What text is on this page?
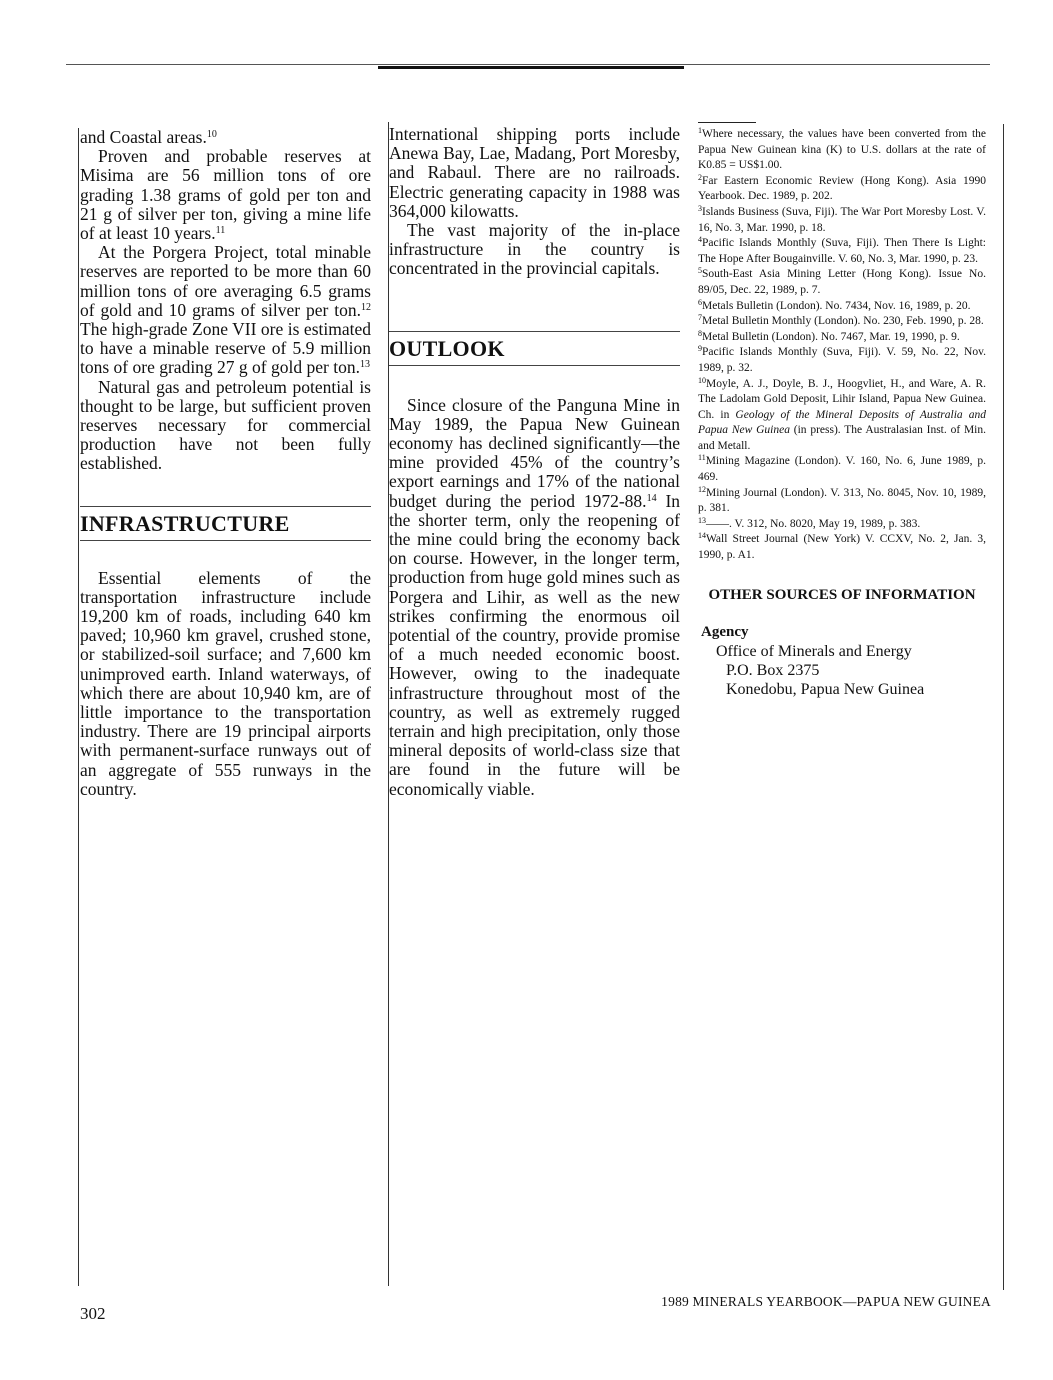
and Coastal areas.$^{10}$

Proven and probable reserves at Misima are 56 million tons of ore grading 1.38 grams of gold per ton and 21 g of silver per ton, giving a mine life of at least 10 years.$^{11}$

At the Porgera Project, total minable reserves are reported to be more than 60 million tons of ore averaging 6.5 grams of gold and 10 grams of silver per ton.$^{12}$ The high-grade Zone VII ore is estimated to have a minable reserve of 5.9 million tons of ore grading 27 g of gold per ton.$^{13}$

Natural gas and petroleum potential is thought to be large, but sufficient proven reserves necessary for commercial production have not been fully established.

INFRASTRUCTURE

Essential elements of the transportation infrastructure include 19,200 km of roads, including 640 km paved; 10,960 km gravel, crushed stone, or stabilized-soil surface; and 7,600 km unimproved earth. Inland waterways, of which there are about 10,940 km, are of little importance to the transportation industry. There are 19 principal airports with permanent-surface runways out of an aggregate of 555 runways in the country.

International shipping ports include Anewa Bay, Lae, Madang, Port Moresby, and Rabaul. There are no railroads. Electric generating capacity in 1988 was 364,000 kilowatts.

The vast majority of the in-place infrastructure in the country is concentrated in the provincial capitals.

OUTLOOK

Since closure of the Panguna Mine in May 1989, the Papua New Guinean economy has declined significantly—the mine provided 45% of the country’s export earnings and 17% of the national budget during the period 1972-88.14 In the shorter term, only the reopening of the mine could bring the economy back on course. However, in the longer term, production from huge gold mines such as Porgera and Lihir, as well as the new strikes confirming the enormous oil potential of the country, provide promise of a much needed economic boost. However, owing to the inadequate infrastructure throughout most of the country, as well as extremely rugged terrain and high precipitation, only those mineral deposits of world-class size that are found in the future will be economically viable.

$^1$Where necessary, the values have been converted from the Papua New Guinean kina (K) to U.S. dollars at the rate of K0.85 = US$1.00.

$^2$Far Eastern Economic Review (Hong Kong). Asia 1990 Yearbook. Dec. 1989, p. 202.

$^3$Islands Business (Suva, Fiji). The War Port Moresby Lost. V. 16, No. 3, Mar. 1990, p. 18.

$^4$Pacific Islands Monthly (Suva, Fiji). Then There Is Light: The Hope After Bougainville. V. 60, No. 3, Mar. 1990, p. 23.

$^5$South-East Asia Mining Letter (Hong Kong). Issue No. 89/05, Dec. 22, 1989, p. 7.

$^6$Metals Bulletin (London). No. 7434, Nov. 16, 1989, p. 20.

$^7$Metal Bulletin Monthly (London). No. 230, Feb. 1990, p. 28.

$^8$Metal Bulletin (London). No. 7467, Mar. 19, 1990, p. 9.

$^9$Pacific Islands Monthly (Suva, Fiji). V. 59, No. 22, Nov. 1989, p. 32.

$^{10}$Moyle, A. J., Doyle, B. J., Hoogvliet, H., and Ware, A. R. The Ladolam Gold Deposit, Lihir Island, Papua New Guinea. Ch. in Geology of the Mineral Deposits of Australia and Papua New Guinea (in press). The Australasian Inst. of Min. and Metall.

$^{11}$Mining Magazine (London). V. 160, No. 6, June 1989, p. 469.

$^{12}$Mining Journal (London). V. 313, No. 8045, Nov. 10, 1989, p. 381.

$^{13}$——. V. 312, No. 8020, May 19, 1989, p. 383.

$^{14}$Wall Street Journal (New York) V. CCXV, No. 2, Jan. 3, 1990, p. A1.

OTHER SOURCES OF INFORMATION
Agency
Office of Minerals and Energy
P.O. Box 2375
Konedobu, Papua New Guinea
302
1989 MINERALS YEARBOOK—PAPUA NEW GUINEA
